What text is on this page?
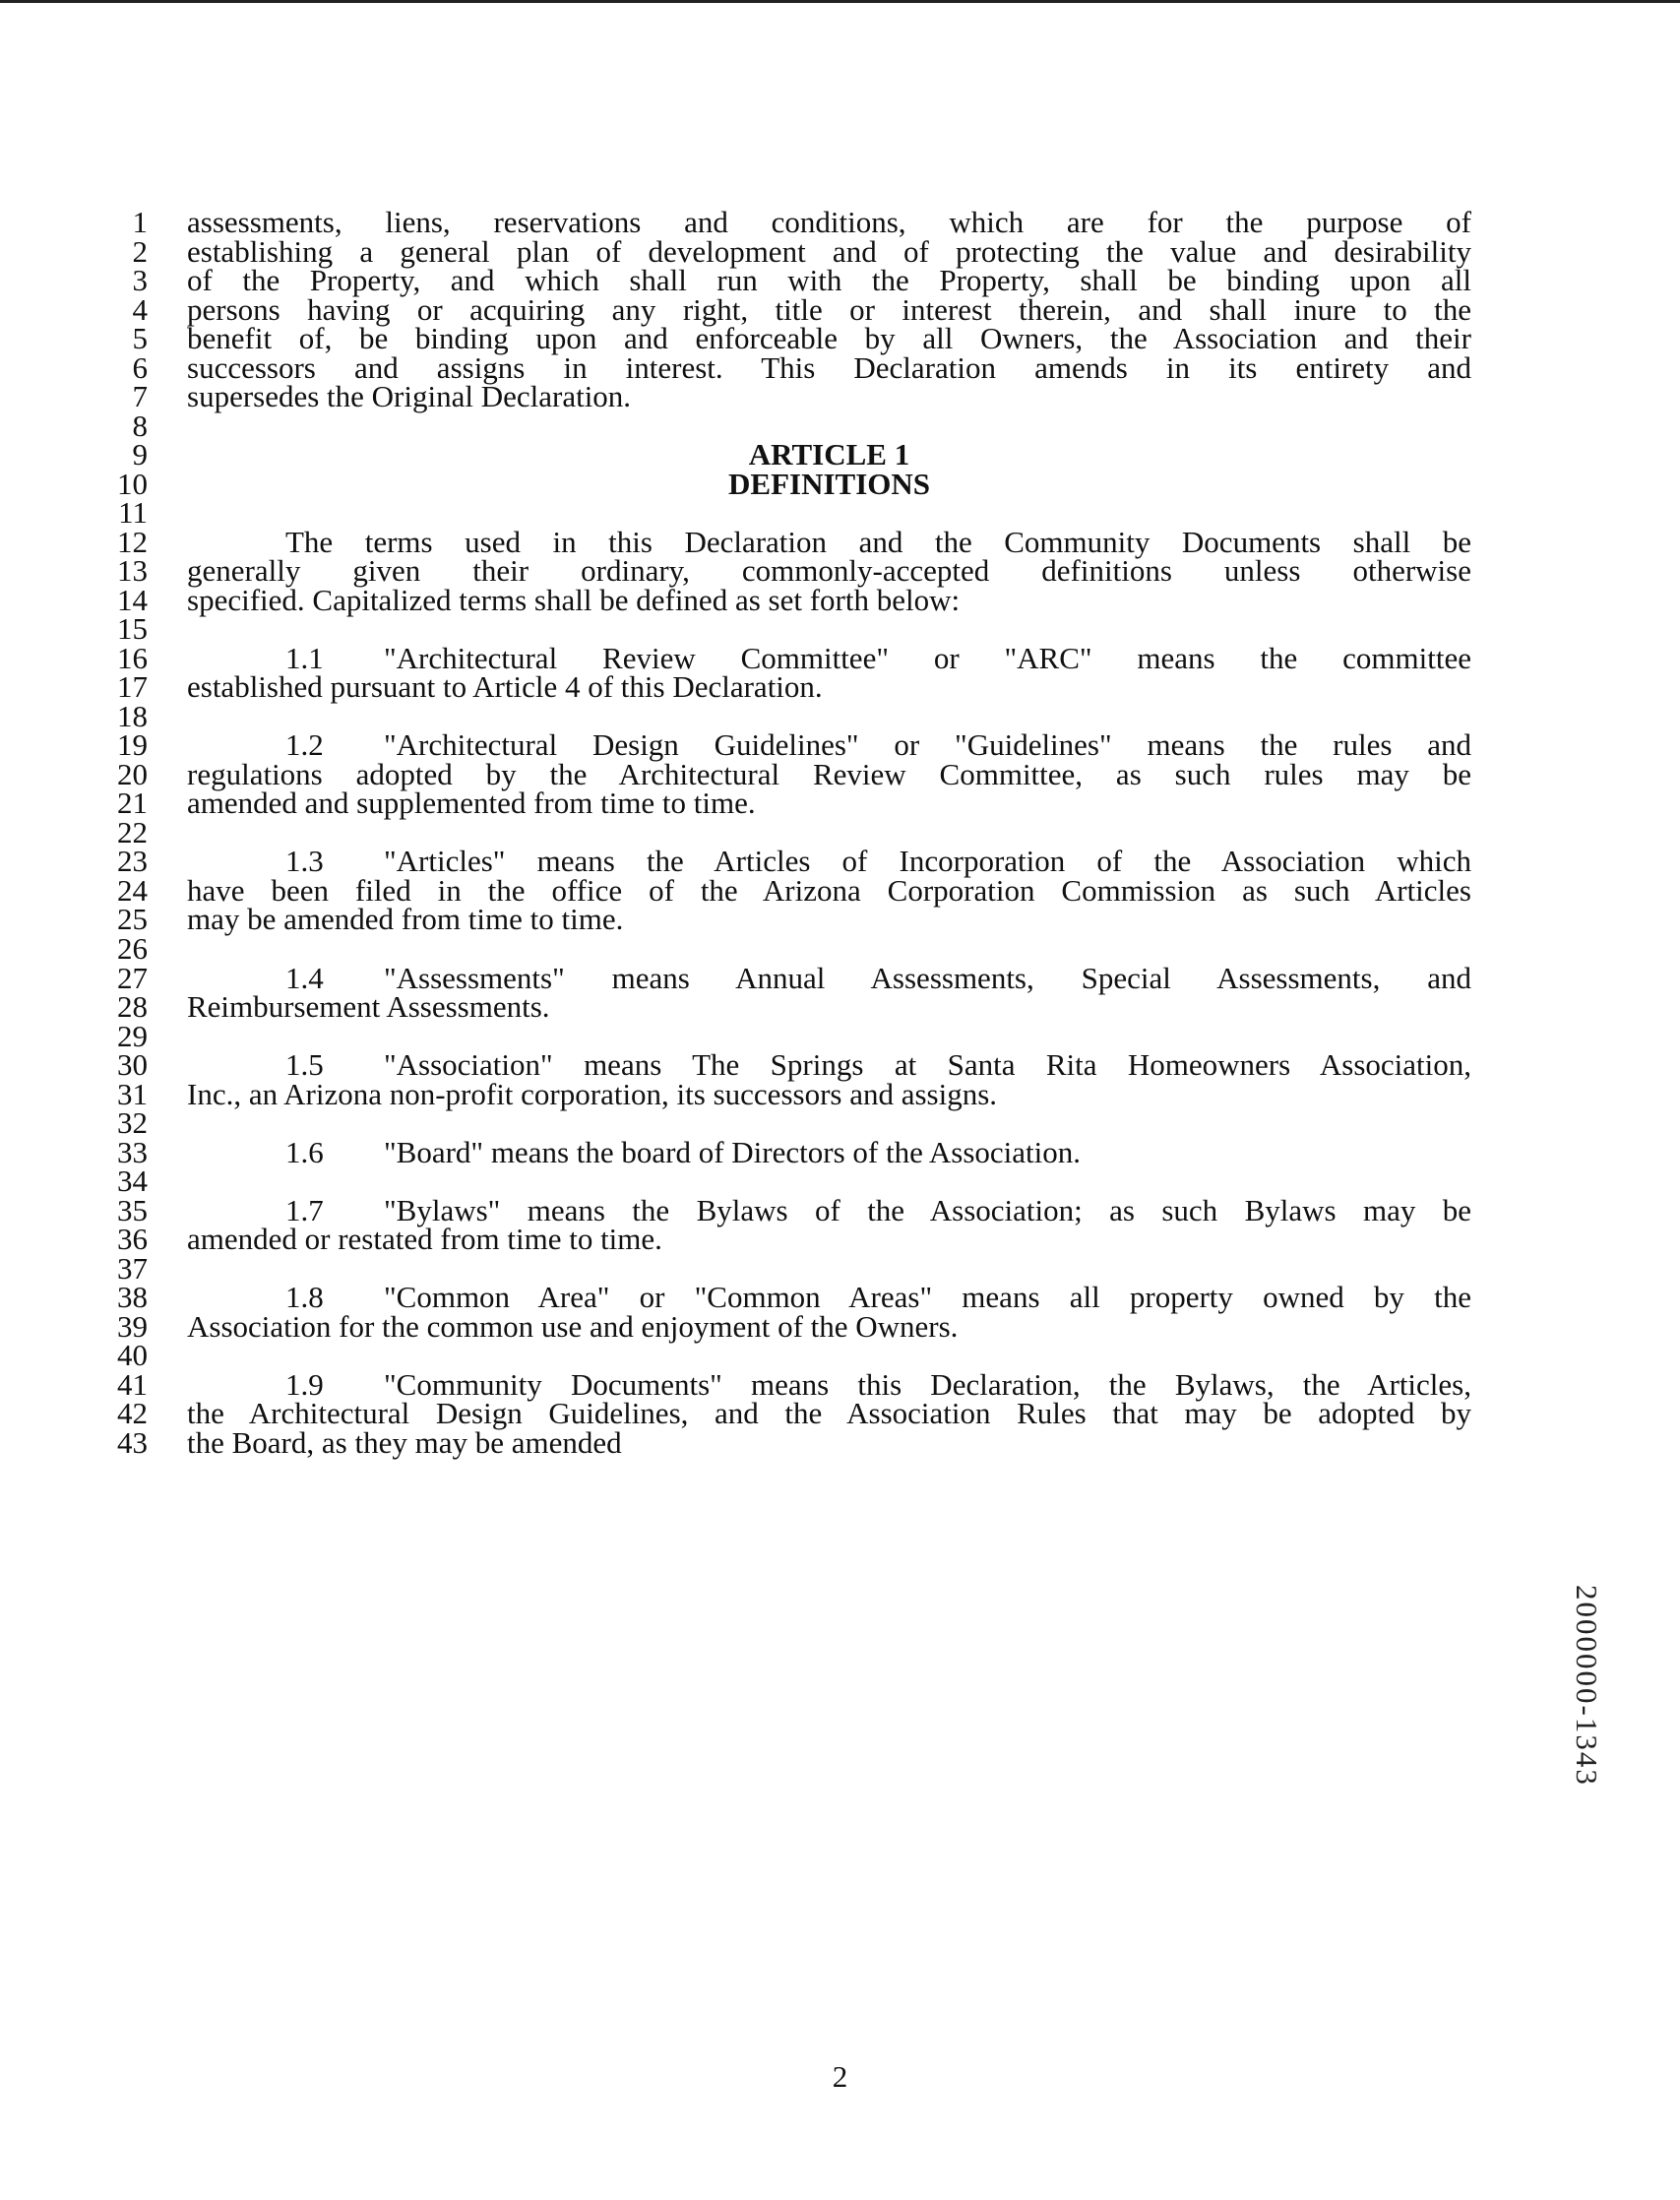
1 assessments, liens, reservations and conditions, which are for the purpose of
2 establishing a general plan of development and of protecting the value and desirability
3 of the Property, and which shall run with the Property, shall be binding upon all
4 persons having or acquiring any right, title or interest therein, and shall inure to the
5 benefit of, be binding upon and enforceable by all Owners, the Association and their
6 successors and assigns in interest. This Declaration amends in its entirety and
7 supersedes the Original Declaration.
8
9	ARTICLE 1
10	DEFINITIONS
11
12	The terms used in this Declaration and the Community Documents shall be
13 generally given their ordinary, commonly-accepted definitions unless otherwise
14 specified. Capitalized terms shall be defined as set forth below:
15
16	1.1	"Architectural Review Committee" or "ARC" means the committee
17 established pursuant to Article 4 of this Declaration.
18
19	1.2	"Architectural Design Guidelines" or "Guidelines" means the rules and
20 regulations adopted by the Architectural Review Committee, as such rules may be
21 amended and supplemented from time to time.
22
23	1.3	"Articles" means the Articles of Incorporation of the Association which
24 have been filed in the office of the Arizona Corporation Commission as such Articles
25 may be amended from time to time.
26
27	1.4	"Assessments" means Annual Assessments, Special Assessments, and
28 Reimbursement Assessments.
29
30	1.5	"Association" means The Springs at Santa Rita Homeowners Association,
31 Inc., an Arizona non-profit corporation, its successors and assigns.
32
33	1.6	"Board" means the board of Directors of the Association.
34
35	1.7	"Bylaws" means the Bylaws of the Association; as such Bylaws may be
36 amended or restated from time to time.
37
38	1.8	"Common Area" or "Common Areas" means all property owned by the
39 Association for the common use and enjoyment of the Owners.
40
41	1.9	"Community Documents" means this Declaration, the Bylaws, the Articles,
42 the Architectural Design Guidelines, and the Association Rules that may be adopted by
43 the Board, as they may be amended
2
2000000-1343
